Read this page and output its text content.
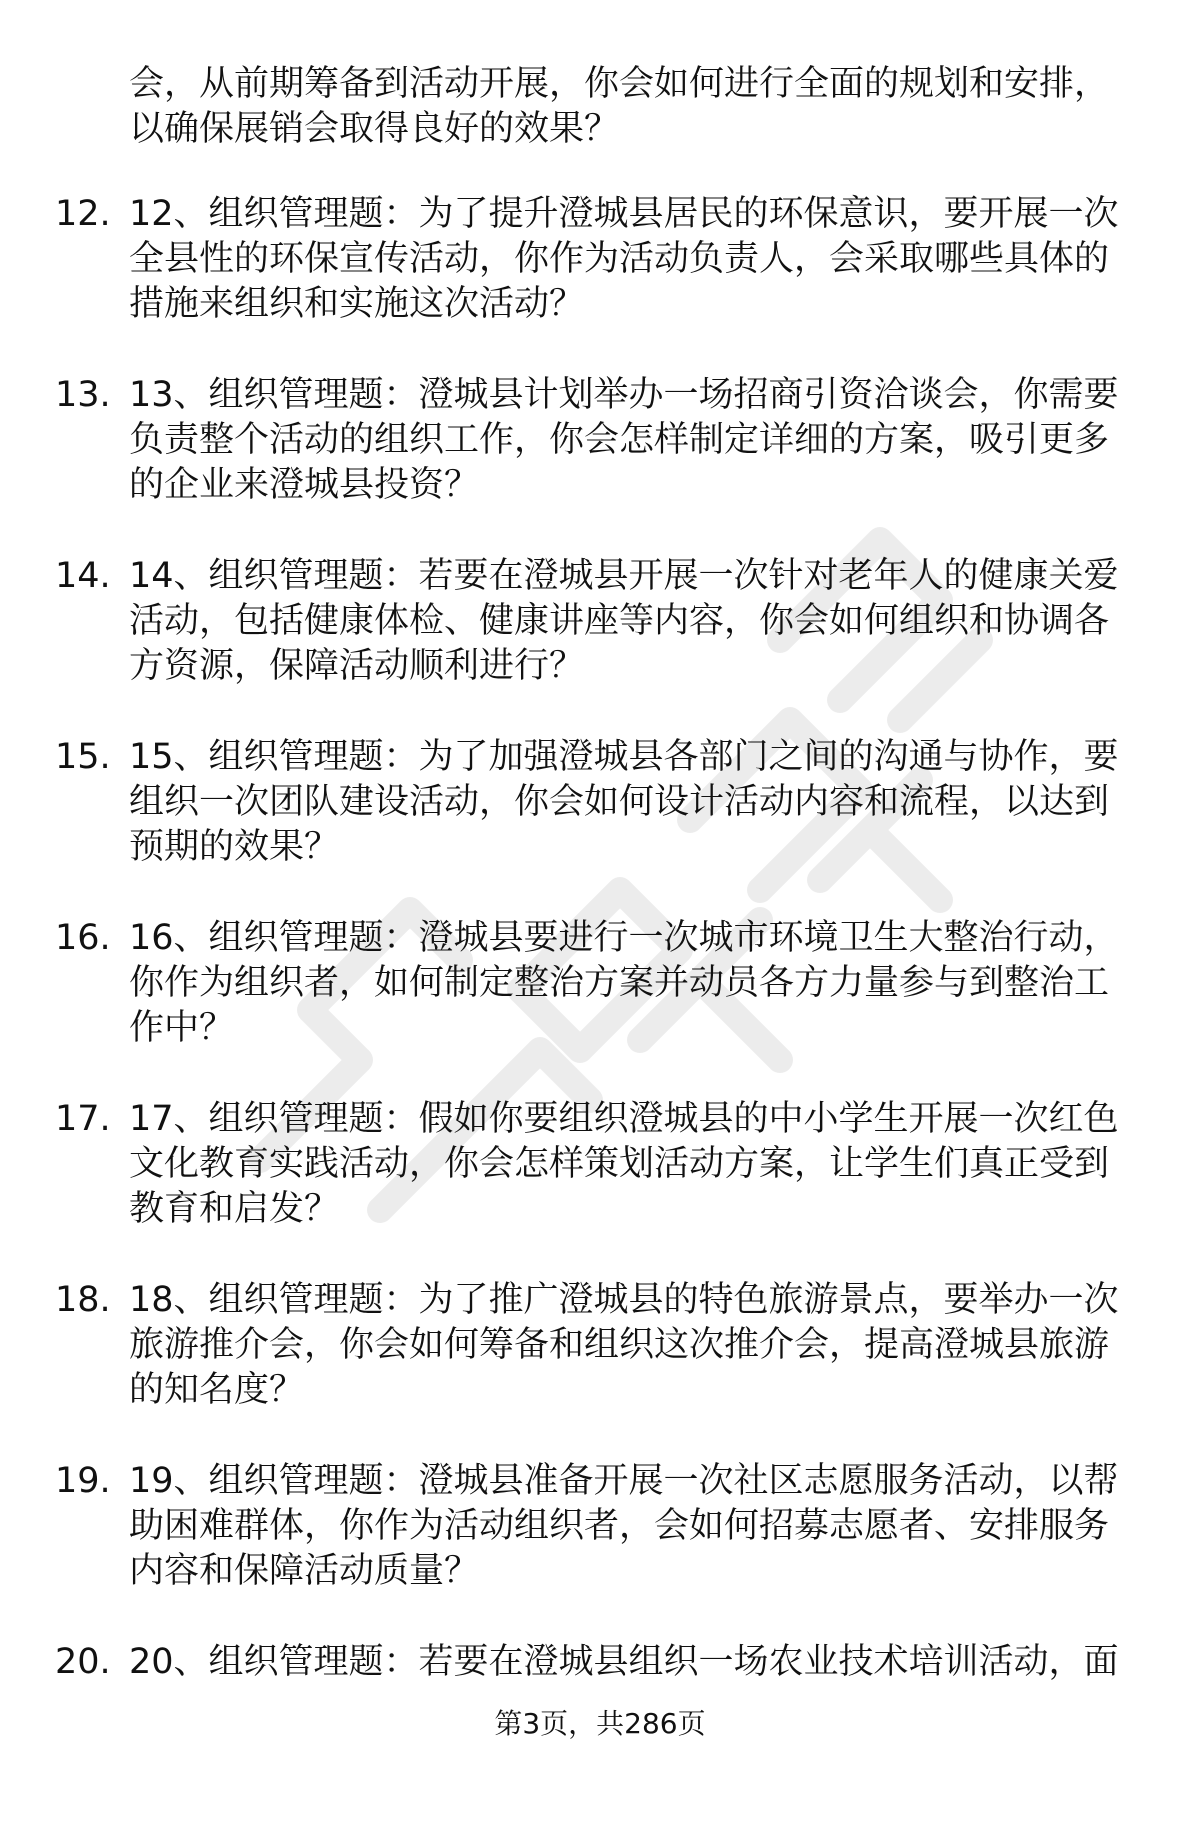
会，从前期筹备到活动开展，你会如何进行全面的规划和安排，
以确保展销会取得良好的效果？
12. 12、组织管理题：为了提升澄城县居民的环保意识，要开展一次
全县性的环保宣传活动，你作为活动负责人，会采取哪些具体的
措施来组织和实施这次活动？
13. 13、组织管理题：澄城县计划举办一场招商引资洽谈会，你需要
负责整个活动的组织工作，你会怎样制定详细的方案，吸引更多
的企业来澄城县投资？
14. 14、组织管理题：若要在澄城县开展一次针对老年人的健康关爱
活动，包括健康体检、健康讲座等内容，你会如何组织和协调各
方资源，保障活动顺利进行？
15. 15、组织管理题：为了加强澄城县各部门之间的沟通与协作，要
组织一次团队建设活动，你会如何设计活动内容和流程，以达到
预期的效果？
16. 16、组织管理题：澄城县要进行一次城市环境卫生大整治行动，
你作为组织者，如何制定整治方案并动员各方力量参与到整治工
作中？
17. 17、组织管理题：假如你要组织澄城县的中小学生开展一次红色
文化教育实践活动，你会怎样策划活动方案，让学生们真正受到
教育和启发？
18. 18、组织管理题：为了推广澄城县的特色旅游景点，要举办一次
旅游推介会，你会如何筹备和组织这次推介会，提高澄城县旅游
的知名度？
19. 19、组织管理题：澄城县准备开展一次社区志愿服务活动，以帮
助困难群体，你作为活动组织者，会如何招募志愿者、安排服务
内容和保障活动质量？
20. 20、组织管理题：若要在澄城县组织一场农业技术培训活动，面
第3页，共286页
